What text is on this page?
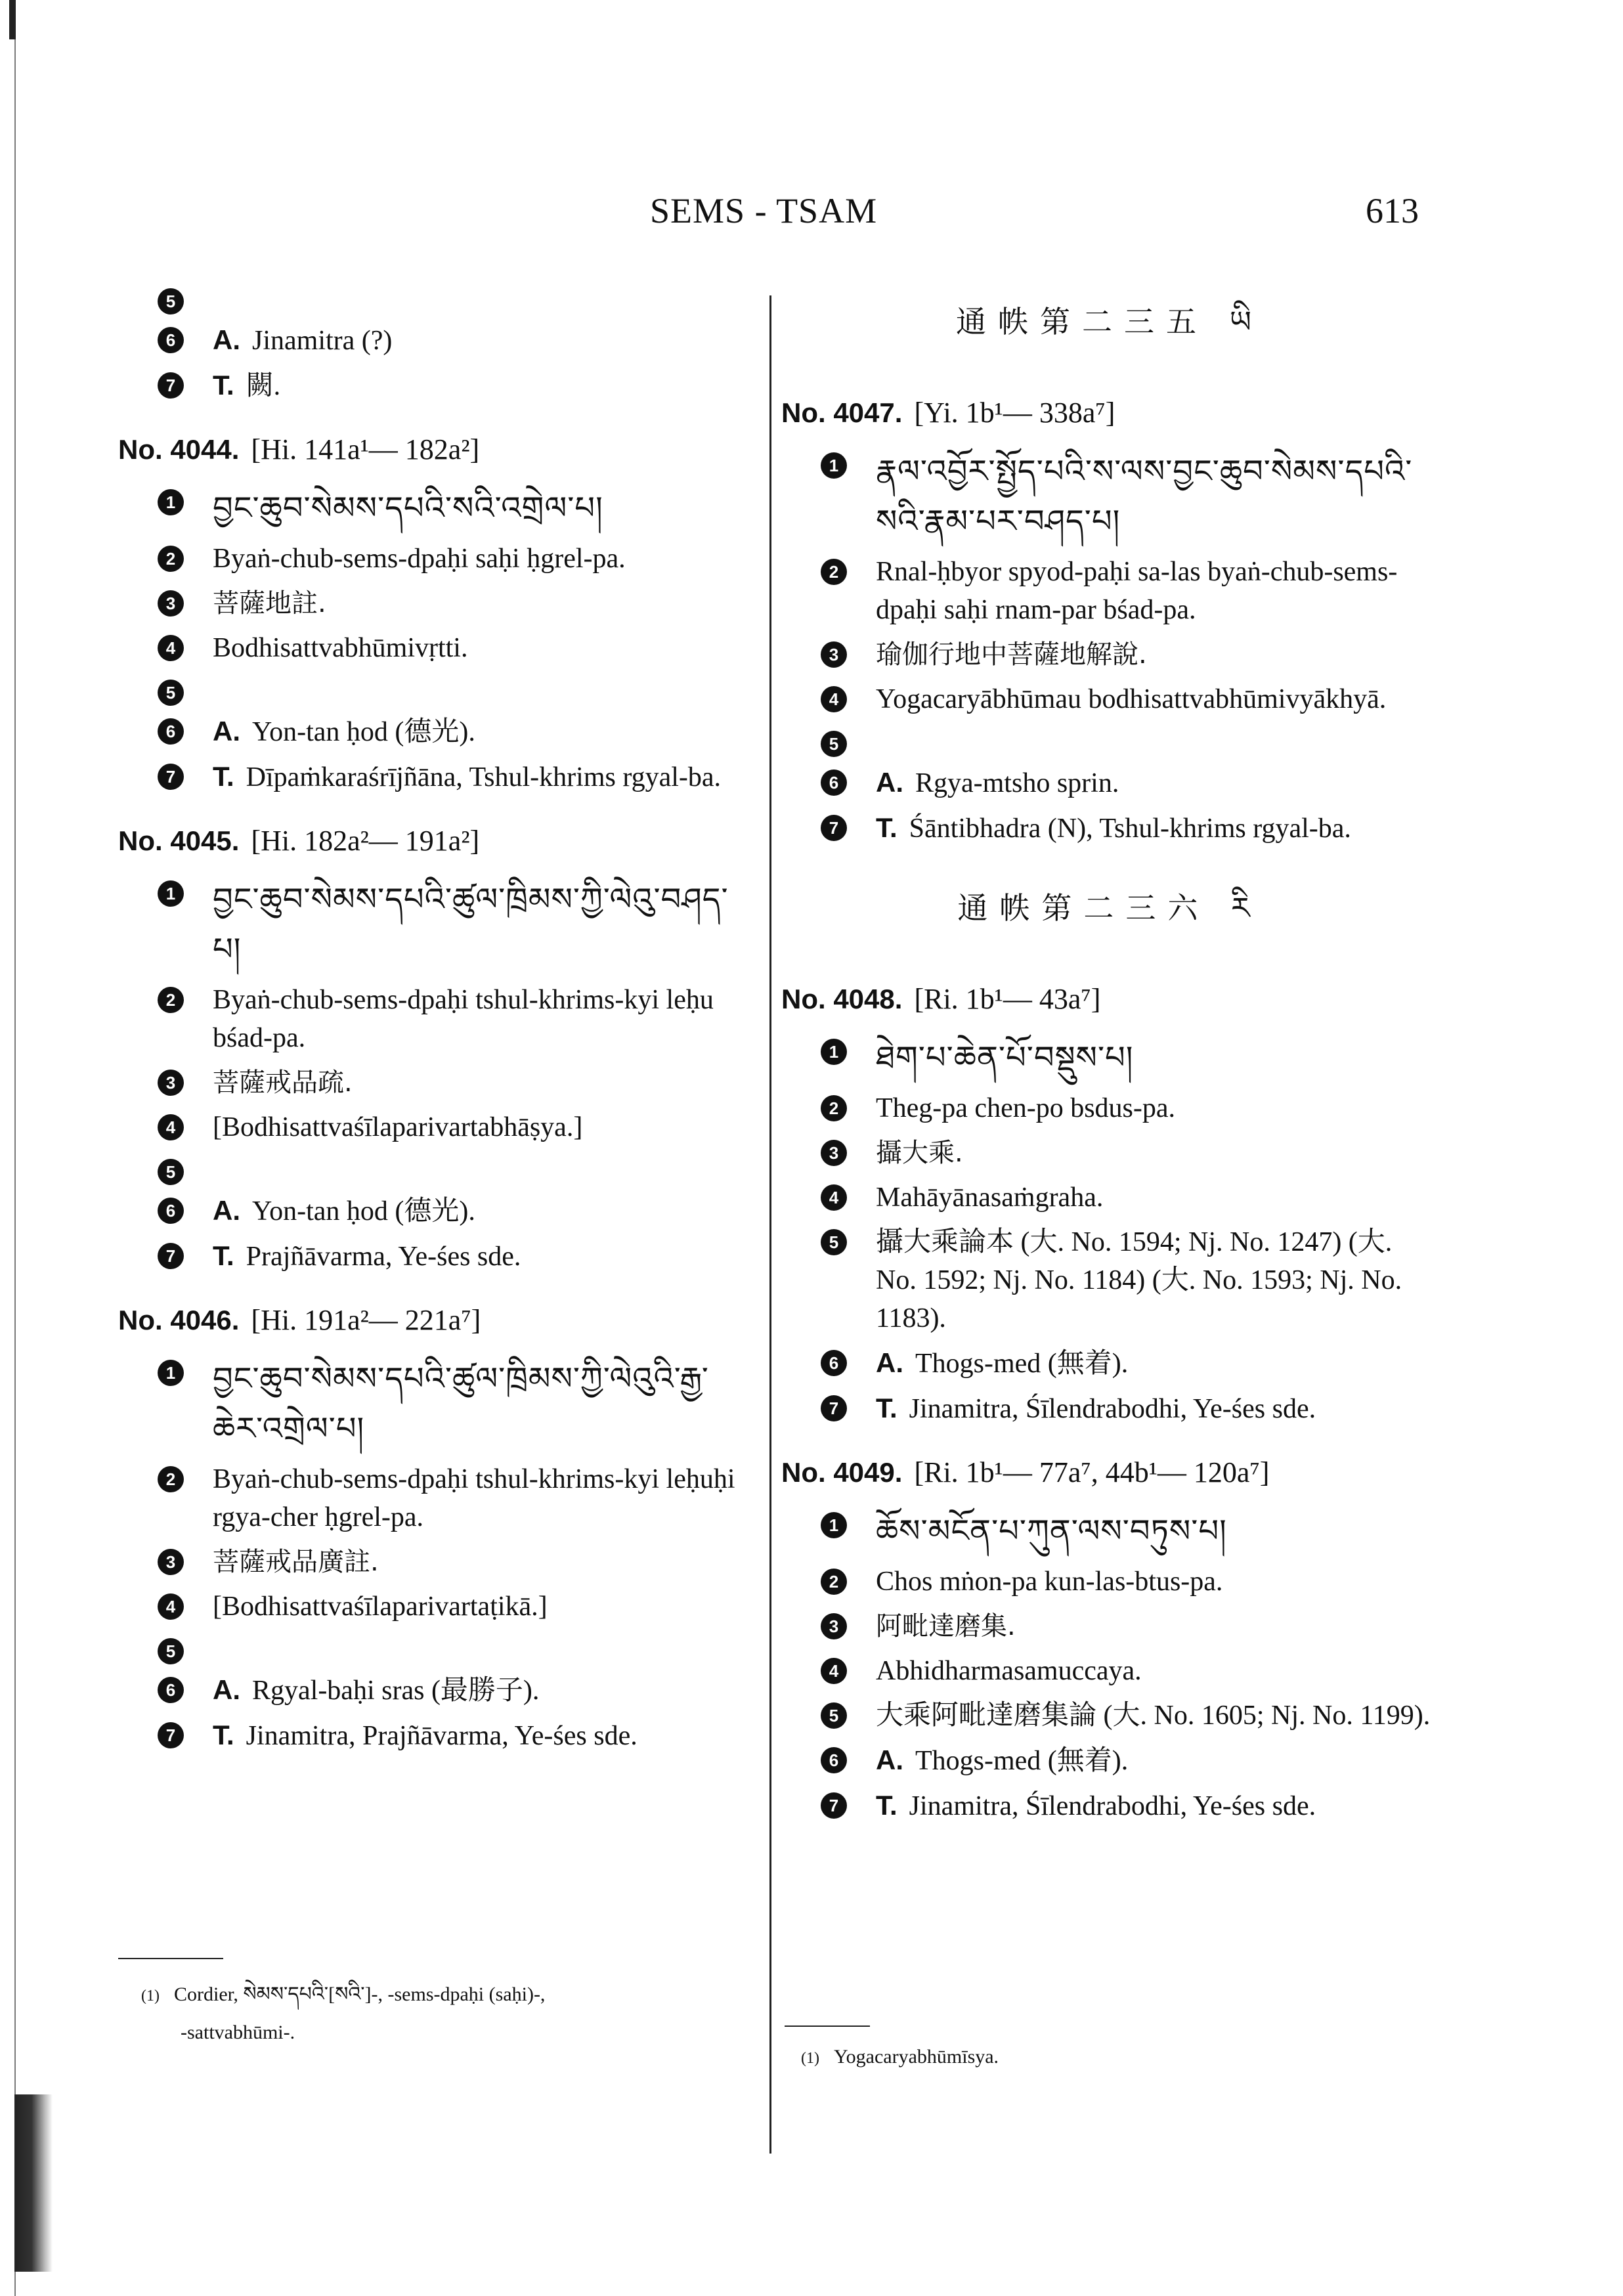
SEMS - TSAM	613
5
6	A. Jinamitra (?)
7	T. 闕.
No. 4044. [Hi. 141a¹— 182a²]
1 བྱང་ཆུབ་སེམས་དཔའི་སའི་འགྲེལ་པ།
2	Byaṅ-chub-sems-dpaḥi saḥi ḥgrel-pa.
3	菩薩地註.
4	Bodhisattvabhūmivṛtti.
5
6	A. Yon-tan ḥod (德光).
7	T. Dīpaṁkaraśrījñāna, Tshul-khrims rgyal-ba.
No. 4045. [Hi. 182a²— 191a²]
1 བྱང་ཆུབ་སེམས་དཔའི་ཚུལ་ཁྲིམས་ཀྱི་ལེའུ་བཤད་པ།
2	Byaṅ-chub-sems-dpaḥi tshul-khrims-kyi leḥu bśad-pa.
3	菩薩戒品疏.
4	[Bodhisattvaśīlaparivartabhāṣya.]
5
6	A. Yon-tan ḥod (德光).
7	T. Prajñāvarma, Ye-śes sde.
No. 4046. [Hi. 191a²— 221a⁷]
1 བྱང་ཆུབ་སེམས་དཔའི་ཚུལ་ཁྲིམས་ཀྱི་ལེའུའི་རྒྱ་ཆེར་འགྲེལ་པ།
2	Byaṅ-chub-sems-dpaḥi tshul-khrims-kyi leḥuḥi rgya-cher ḥgrel-pa.
3	菩薩戒品廣註.
4	[Bodhisattvaśīlaparivartaṭikā.]
5
6	A. Rgyal-baḥi sras (最勝子).
7	T. Jinamitra, Prajñāvarma, Ye-śes sde.
通帙第二三五 ཡི
No. 4047. [Yi. 1b¹— 338a⁷]
1 རྣལ་འབྱོར་སྤྱོད་པའི་ས་ལས་བྱང་ཆུབ་སེམས་དཔའི་སའི་རྣམ་པར་བཤད་པ།
2	Rnal-ḥbyor spyod-paḥi sa-las byaṅ-chub-sems-dpaḥi saḥi rnam-par bśad-pa.
3	瑜伽行地中菩薩地解說.
4	Yogacaryābhūmau bodhisattvabhūmivyākhyā.
5
6	A. Rgya-mtsho sprin.
7	T. Śāntibhadra (N), Tshul-khrims rgyal-ba.
通帙第二三六 རི
No. 4048. [Ri. 1b¹— 43a⁷]
1 ཐེག་པ་ཆེན་པོ་བསྡུས་པ།
2	Theg-pa chen-po bsdus-pa.
3	攝大乘.
4	Mahāyānasaṁgraha.
5	攝大乘論本 (大. No. 1594; Nj. No. 1247) (大. No. 1592; Nj. No. 1184) (大. No. 1593; Nj. No. 1183).
6	A. Thogs-med (無着).
7	T. Jinamitra, Śīlendrabodhi, Ye-śes sde.
No. 4049. [Ri. 1b¹— 77a⁷, 44b¹— 120a⁷]
1 ཆོས་མངོན་པ་ཀུན་ལས་བཏུས་པ།
2	Chos mṅon-pa kun-las-btus-pa.
3	阿毗達磨集.
4	Abhidharmasamuccaya.
5	大乘阿毗達磨集論 (大. No. 1605; Nj. No. 1199).
6	A. Thogs-med (無着).
7	T. Jinamitra, Śīlendrabodhi, Ye-śes sde.
(1) Cordier, སེམས་དཔའི་[སའི་]-, -sems-dpaḥi (saḥi)-,
-sattvabhūmi-.
(1) Yogacaryabhūmīsya.
